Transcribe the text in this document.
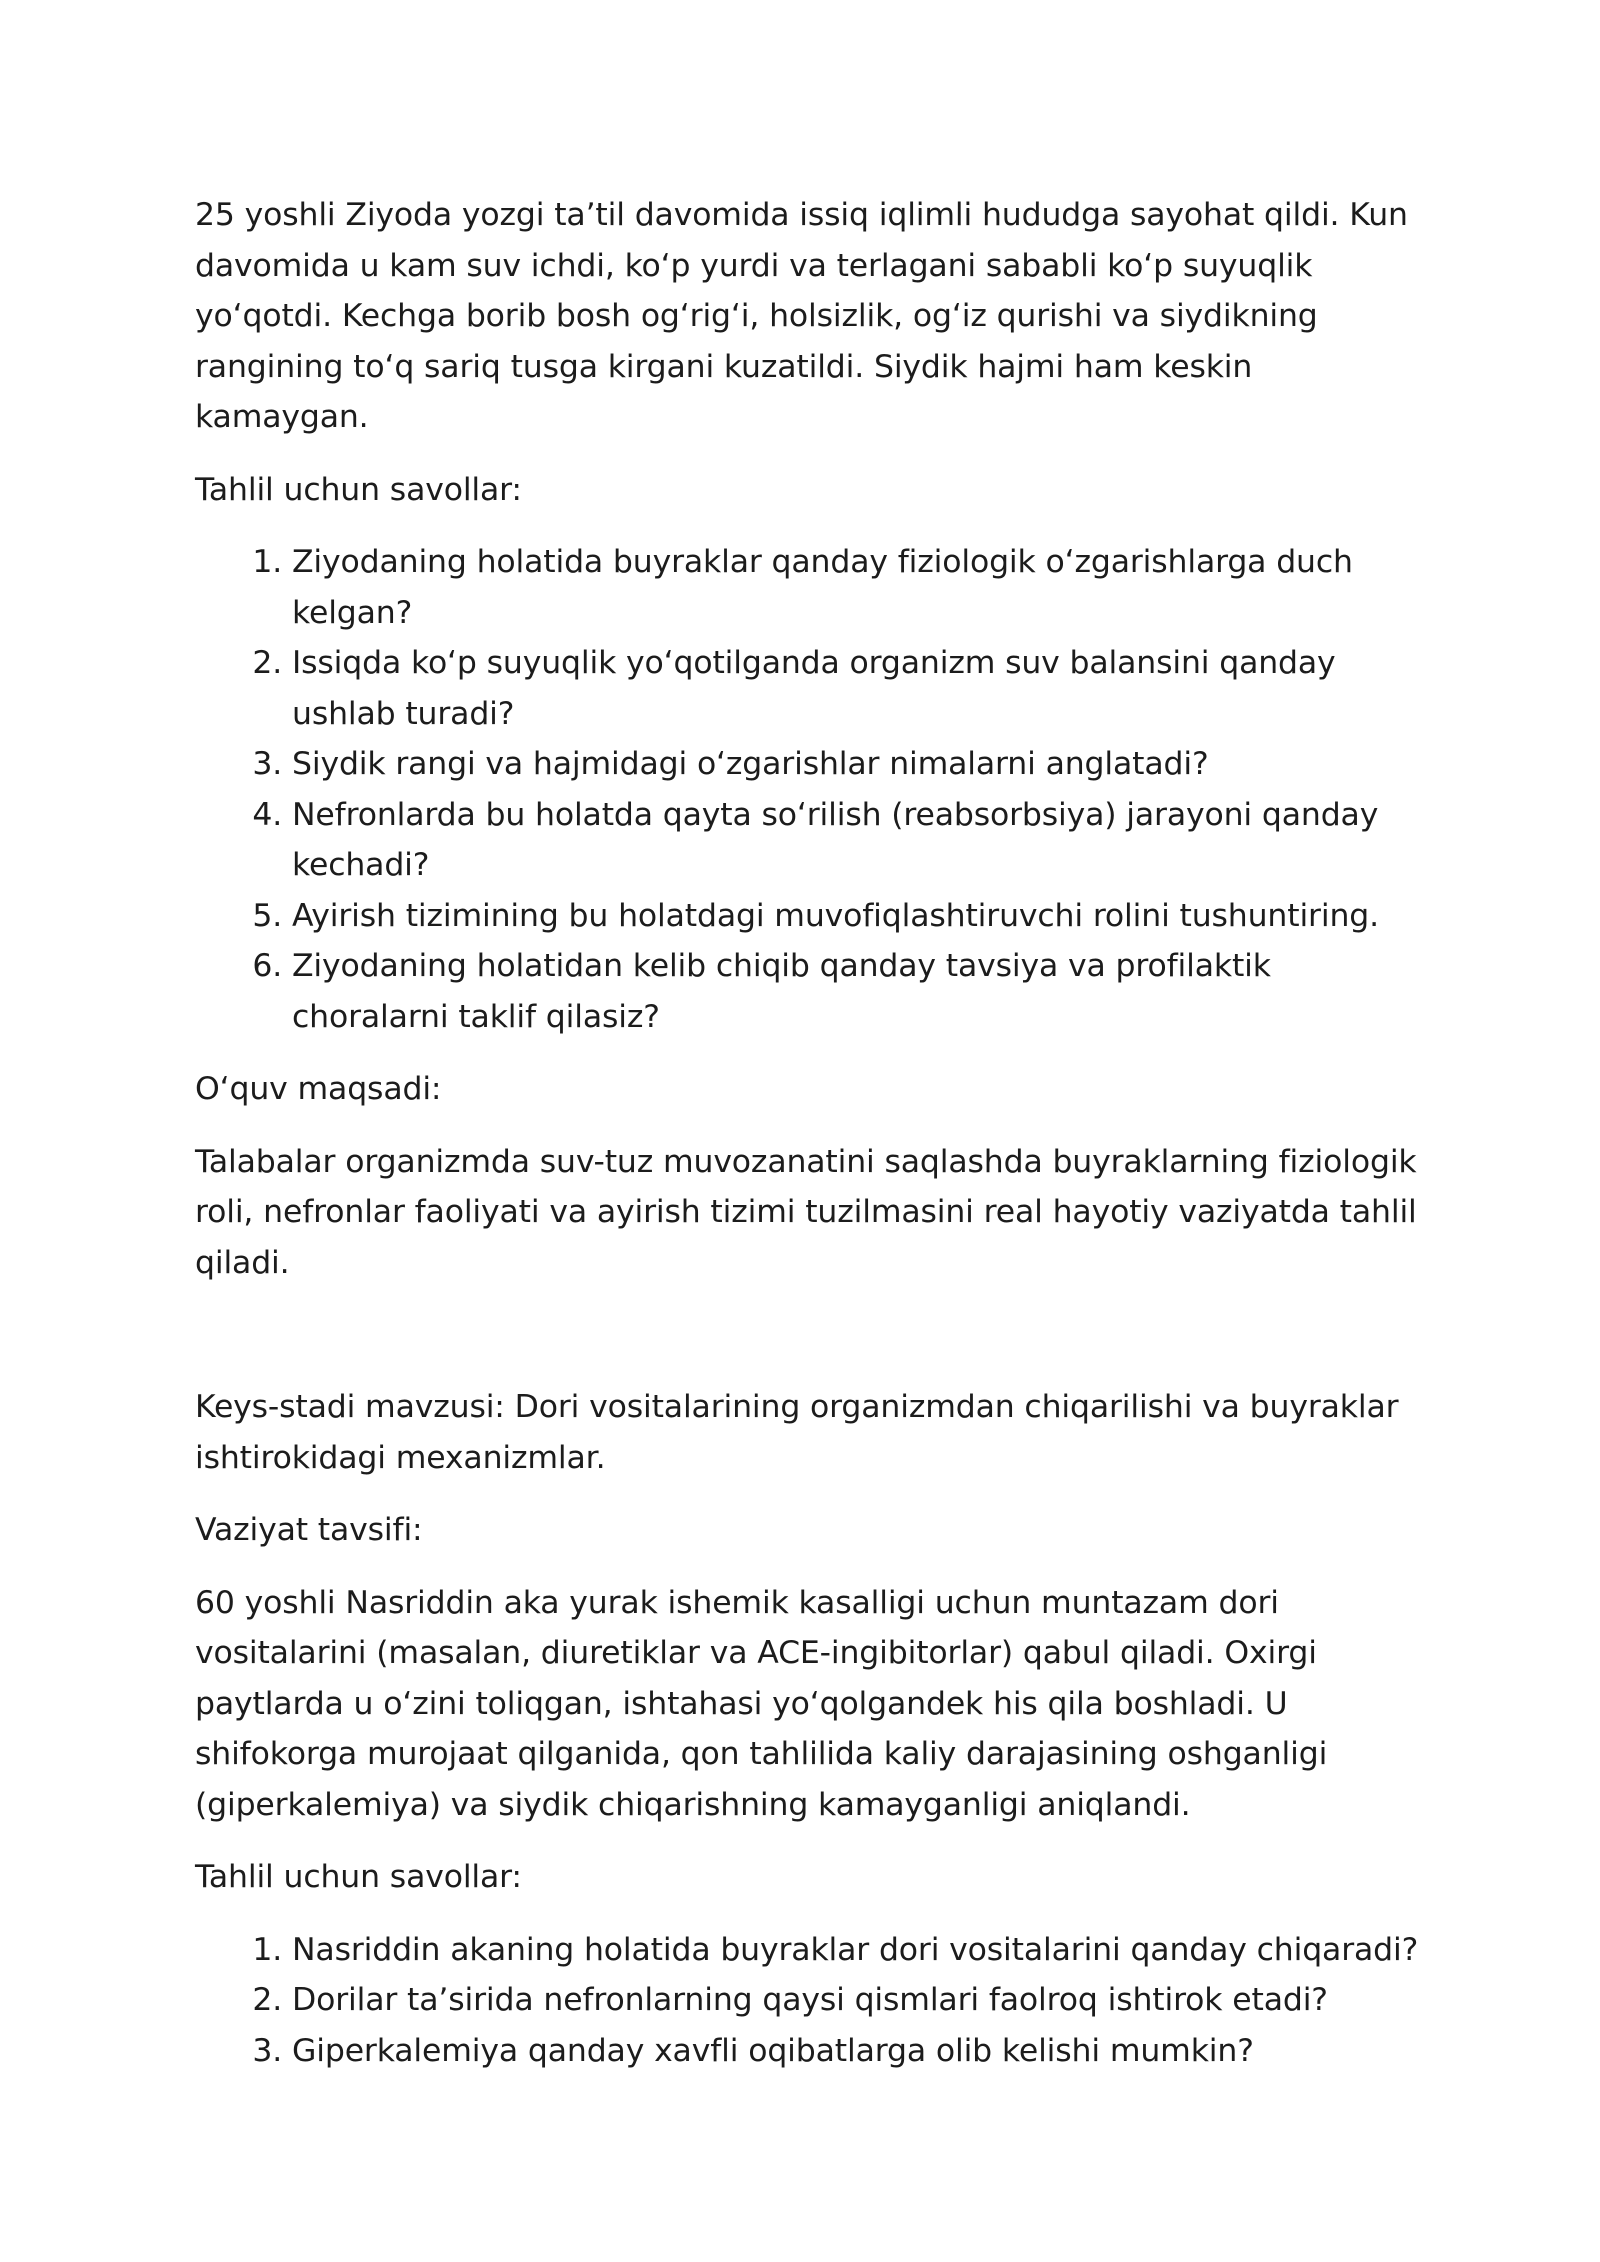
25 yoshli Ziyoda yozgi taʼtil davomida issiq iqlimli hududga sayohat qildi. Kun davomida u kam suv ichdi, koʻp yurdi va terlagani sababli koʻp suyuqlik yoʻqotdi. Kechga borib bosh ogʻrigʻi, holsizlik, ogʻiz qurishi va siydikning rangining toʻq sariq tusga kirgani kuzatildi. Siydik hajmi ham keskin kamaygan.

Tahlil uchun savollar:

1. Ziyodaning holatida buyraklar qanday fiziologik oʻzgarishlarga duch kelgan?
2. Issiqda koʻp suyuqlik yoʻqotilganda organizm suv balansini qanday ushlab turadi?
3. Siydik rangi va hajmidagi oʻzgarishlar nimalarni anglatadi?
4. Nefronlarda bu holatda qayta soʻrilish (reabsorbsiya) jarayoni qanday kechadi?
5. Ayirish tizimining bu holatdagi muvofiqlashtiruvchi rolini tushuntiring.
6. Ziyodaning holatidan kelib chiqib qanday tavsiya va profilaktik choralarni taklif qilasiz?

Oʻquv maqsadi:

Talabalar organizmda suv-tuz muvozanatini saqlashda buyraklarning fiziologik roli, nefronlar faoliyati va ayirish tizimi tuzilmasini real hayotiy vaziyatda tahlil qiladi.

Keys-stadi mavzusi: Dori vositalarining organizmdan chiqarilishi va buyraklar ishtirokidagi mexanizmlar.

Vaziyat tavsifi:

60 yoshli Nasriddin aka yurak ishemik kasalligi uchun muntazam dori vositalarini (masalan, diuretiklar va ACE-ingibitorlar) qabul qiladi. Oxirgi paytlarda u oʻzini toliqgan, ishtahasi yoʻqolgandek his qila boshladi. U shifokorga murojaat qilganida, qon tahlilida kaliy darajasining oshganligi (giperkalemiya) va siydik chiqarishning kamayganligi aniqlandi.

Tahlil uchun savollar:

1. Nasriddin akaning holatida buyraklar dori vositalarini qanday chiqaradi?
2. Dorilar taʼsirida nefronlarning qaysi qismlari faolroq ishtirok etadi?
3. Giperkalemiya qanday xavfli oqibatlarga olib kelishi mumkin?
